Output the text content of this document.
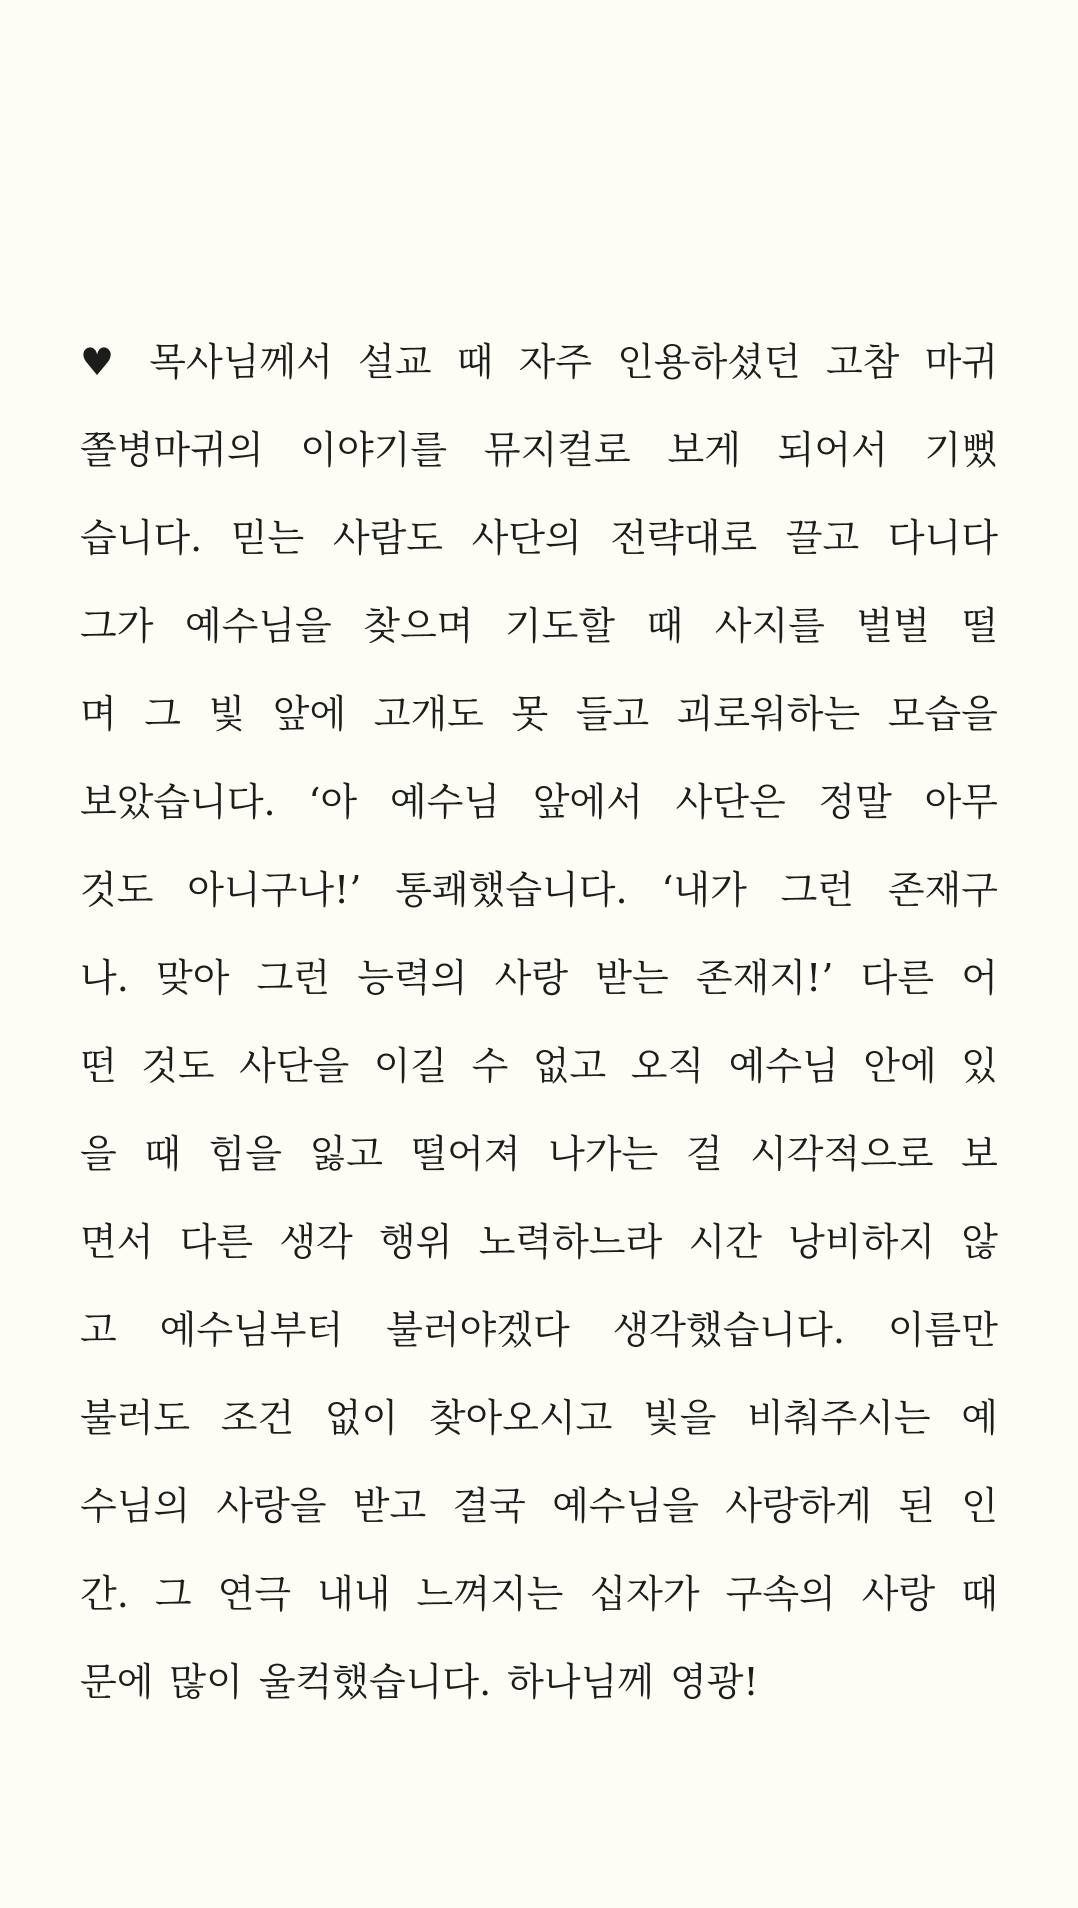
♥ 목사님께서 설교 때 자주 인용하셨던 고참 마귀
쫄병마귀의 이야기를 뮤지컬로 보게 되어서 기뻤
습니다. 믿는 사람도 사단의 전략대로 끌고 다니다
그가 예수님을 찾으며 기도할 때 사지를 벌벌 떨
며 그 빛 앞에 고개도 못 들고 괴로워하는 모습을
보았습니다. ‘아 예수님 앞에서 사단은 정말 아무
것도 아니구나!’ 통쾌했습니다. ‘내가 그런 존재구
나. 맞아 그런 능력의 사랑 받는 존재지!’ 다른 어
떤 것도 사단을 이길 수 없고 오직 예수님 안에 있
을 때 힘을 잃고 떨어져 나가는 걸 시각적으로 보
면서 다른 생각 행위 노력하느라 시간 낭비하지 않
고 예수님부터 불러야겠다 생각했습니다. 이름만
불러도 조건 없이 찾아오시고 빛을 비춰주시는 예
수님의 사랑을 받고 결국 예수님을 사랑하게 된 인
간. 그 연극 내내 느껴지는 십자가 구속의 사랑 때
문에 많이 울컥했습니다. 하나님께 영광!
